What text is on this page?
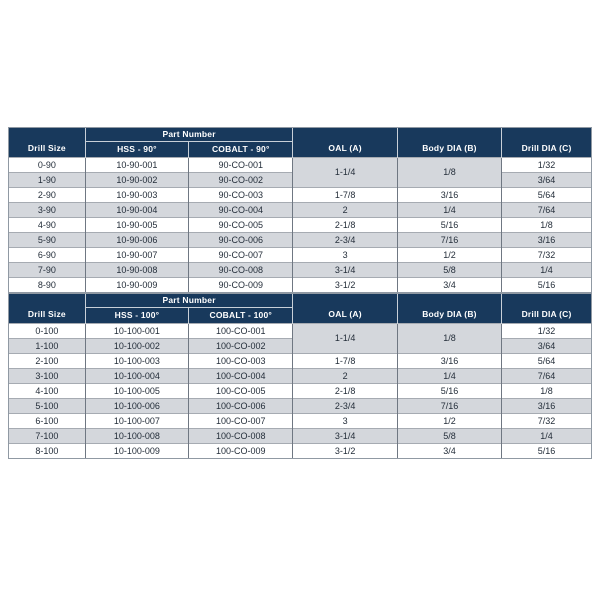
Drill Size	Part Number		OAL (A)	Body DIA (B)	Drill DIA (C)
	HSS - 90°	COBALT - 90°			
0-90	10-90-001	90-CO-001	1-1/4	1/8	1/32
1-90	10-90-002	90-CO-002			3/64
2-90	10-90-003	90-CO-003	1-7/8	3/16	5/64
3-90	10-90-004	90-CO-004	2	1/4	7/64
4-90	10-90-005	90-CO-005	2-1/8	5/16	1/8
5-90	10-90-006	90-CO-006	2-3/4	7/16	3/16
6-90	10-90-007	90-CO-007	3	1/2	7/32
7-90	10-90-008	90-CO-008	3-1/4	5/8	1/4
8-90	10-90-009	90-CO-009	3-1/2	3/4	5/16
Drill Size	Part Number		OAL (A)	Body DIA (B)	Drill DIA (C)
	HSS - 100°	COBALT - 100°			
0-100	10-100-001	100-CO-001	1-1/4	1/8	1/32
1-100	10-100-002	100-CO-002			3/64
2-100	10-100-003	100-CO-003	1-7/8	3/16	5/64
3-100	10-100-004	100-CO-004	2	1/4	7/64
4-100	10-100-005	100-CO-005	2-1/8	5/16	1/8
5-100	10-100-006	100-CO-006	2-3/4	7/16	3/16
6-100	10-100-007	100-CO-007	3	1/2	7/32
7-100	10-100-008	100-CO-008	3-1/4	5/8	1/4
8-100	10-100-009	100-CO-009	3-1/2	3/4	5/16
